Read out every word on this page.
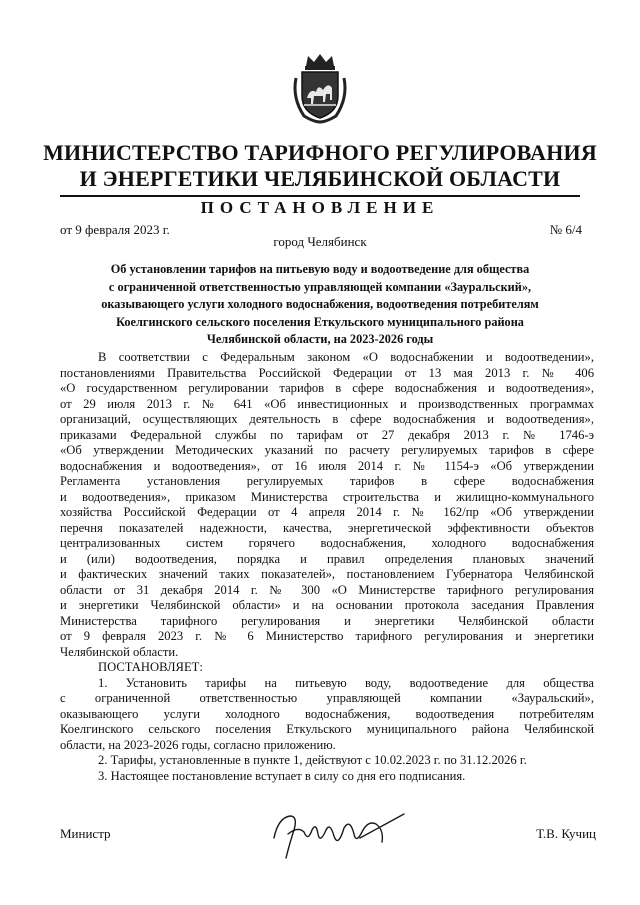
МИНИСТЕРСТВО ТАРИФНОГО РЕГУЛИРОВАНИЯ
И ЭНЕРГЕТИКИ ЧЕЛЯБИНСКОЙ ОБЛАСТИ
ПОСТАНОВЛЕНИЕ
от 9 февраля 2023 г.	№ 6/4
город Челябинск
Об установлении тарифов на питьевую воду и водоотведение для общества
с ограниченной ответственностью управляющей компании «Зауральский»,
оказывающего услуги холодного водоснабжения, водоотведения потребителям
Коелгинского сельского поселения Еткульского муниципального района
Челябинской области, на 2023-2026 годы
В соответствии с Федеральным законом «О водоснабжении и водоотведении»,
постановлениями Правительства Российской Федерации от 13 мая 2013 г. № 406
«О государственном регулировании тарифов в сфере водоснабжения и водоотведения»,
от 29 июля 2013 г. № 641 «Об инвестиционных и производственных программах
организаций, осуществляющих деятельность в сфере водоснабжения и водоотведения»,
приказами Федеральной службы по тарифам от 27 декабря 2013 г. № 1746-э
«Об утверждении Методических указаний по расчету регулируемых тарифов в сфере
водоснабжения и водоотведения», от 16 июля 2014 г. № 1154-э «Об утверждении
Регламента установления регулируемых тарифов в сфере водоснабжения
и водоотведения», приказом Министерства строительства и жилищно-коммунального
хозяйства Российской Федерации от 4 апреля 2014 г. № 162/пр «Об утверждении
перечня показателей надежности, качества, энергетической эффективности объектов
централизованных систем горячего водоснабжения, холодного водоснабжения
и (или) водоотведения, порядка и правил определения плановых значений
и фактических значений таких показателей», постановлением Губернатора Челябинской
области от 31 декабря 2014 г. № 300 «О Министерстве тарифного регулирования
и энергетики Челябинской области» и на основании протокола заседания Правления
Министерства тарифного регулирования и энергетики Челябинской области
от 9 февраля 2023 г. № 6 Министерство тарифного регулирования и энергетики
Челябинской области.
ПОСТАНОВЛЯЕТ:
1. Установить тарифы на питьевую воду, водоотведение для общества
с ограниченной ответственностью управляющей компании «Зауральский»,
оказывающего услуги холодного водоснабжения, водоотведения потребителям
Коелгинского сельского поселения Еткульского муниципального района Челябинской
области, на 2023-2026 годы, согласно приложению.
2. Тарифы, установленные в пункте 1, действуют с 10.02.2023 г. по 31.12.2026 г.
3. Настоящее постановление вступает в силу со дня его подписания.
Министр	Т.В. Кучиц
